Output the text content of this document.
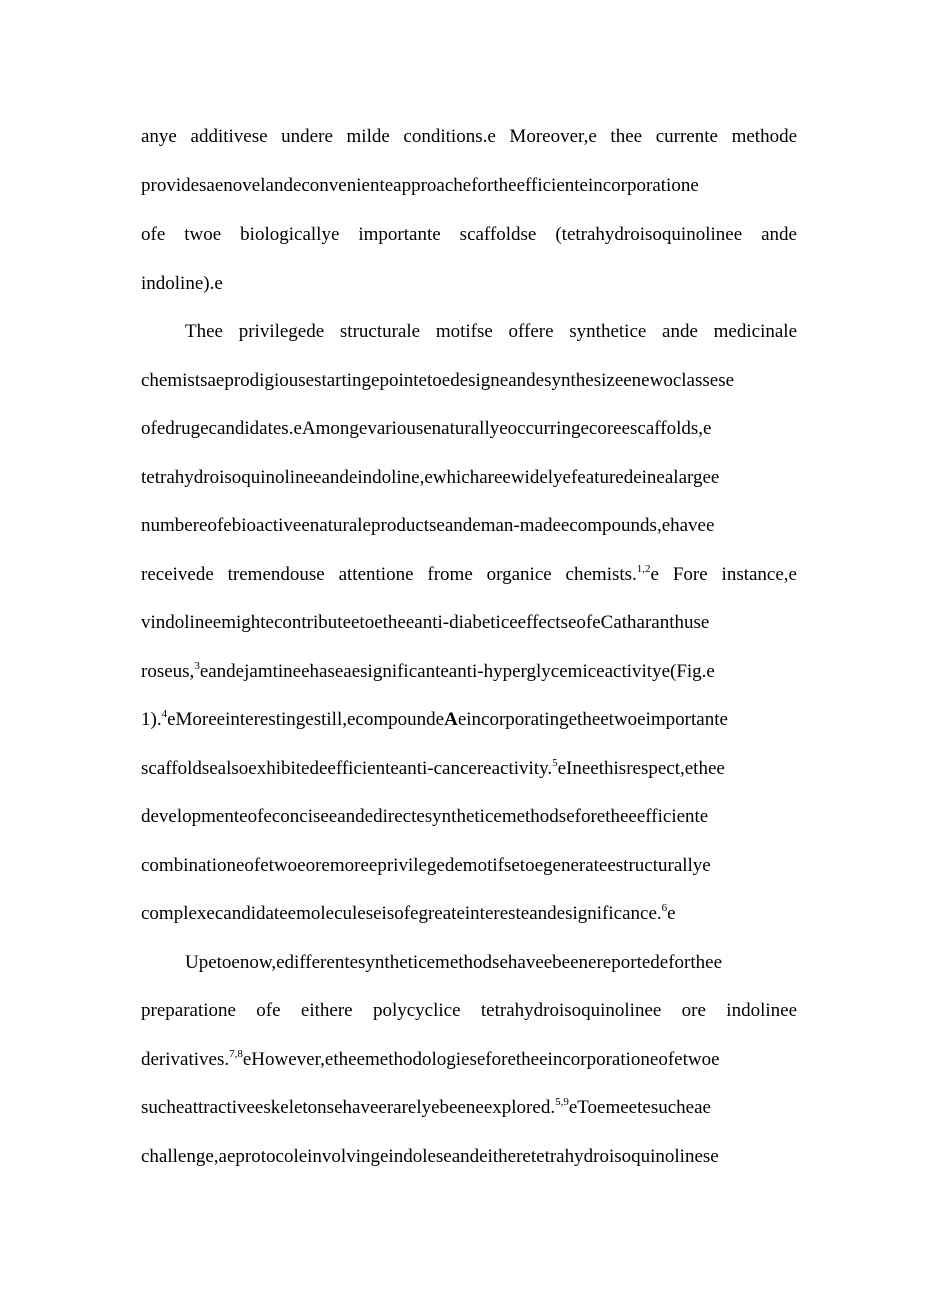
anye additivese undere milde conditions.e Moreover,e thee currente methode
providesaenovelandeconvenienteapproachefortheefficienteincorporatione
ofe twoe biologicallye importante scaffoldse (tetrahydroisoquinolinee ande
indoline).e
Thee privilegede structurale motifse offere synthetice ande medicinale
chemistsaeprodigiousestartingepointetoedesigneandesynthesizeenewoclassese
ofedrugecandidates.eAmongevariousenaturallyeoccurringecoreescaffolds,e
tetrahydroisoquinolineeandeindoline,ewhichareewidelyefeaturedeinealargee
numbereofebioactiveenaturaleproductseandeman-madeecompounds,ehavee
receivede tremendouse attentione frome organice chemists.$^{1,2}$e Fore instance,e
vindolineemightecontributeetoetheeanti-diabeticeeffectseofeCatharanthuse
roseus,$^3$eandejamtineehaseaesignificanteanti-hyperglycemiceactivitye(Fig.e
1).$^4$eMoreeinterestingestill,ecompoundeAeincorporatingetheetwoeimportante
scaffoldsealsoexhibitedeefficienteanti-cancereactivity.$^5$eIneethisrespect,ethee
developmenteofeconciseeandedirectesyntheticemethodseforetheeefficiente
combinationeofetwoeoremoreeprivilegedemotifsetoegenerateestructurallye
complexecandidateemoleculeseisofegreateinteresteandesignificance.$^6$e
Upetoenow,edifferentesyntheticemethodsehaveebeenereportedeforthee
preparatione ofe eithere polycyclice tetrahydroisoquinolinee ore indolinee
derivatives.$^{7,8}$eHowever,etheemethodologieseforetheeincorporationeofetwoe
sucheattractiveeskeletonsehaveerarelyebeeneexplored.$^{5,9}$eToemeetesucheae
challenge,aeprotocoleinvolvingeindoleseandeitheretetrahydroisoquinolinese
